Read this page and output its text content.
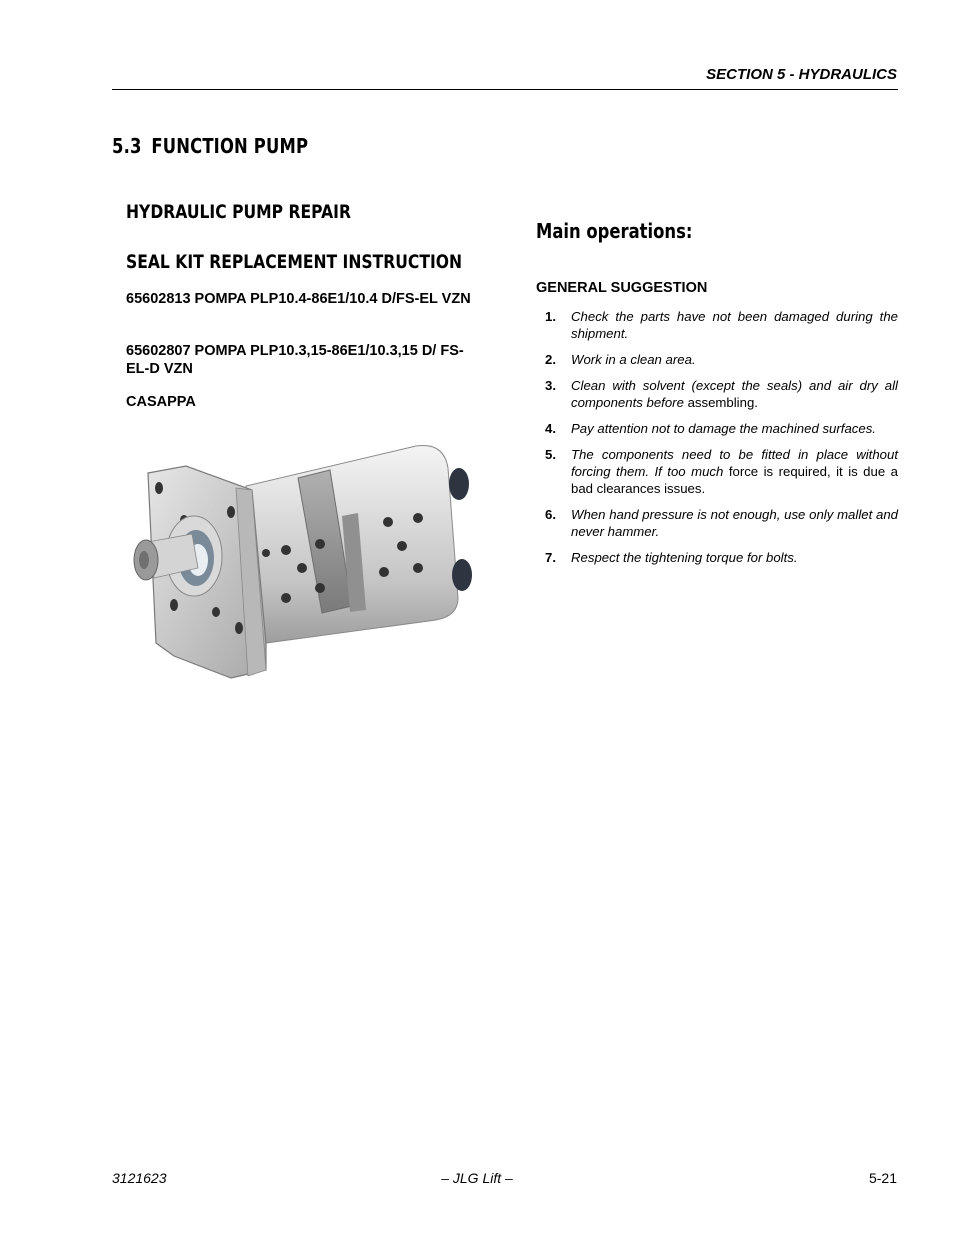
SECTION 5 - HYDRAULICS
5.3 FUNCTION PUMP
HYDRAULIC PUMP REPAIR
SEAL KIT REPLACEMENT INSTRUCTION
65602813 POMPA PLP10.4-86E1/10.4 D/FS-EL VZN
65602807 POMPA PLP10.3,15-86E1/10.3,15 D/ FS-EL-D VZN
CASAPPA
Main operations:
GENERAL SUGGESTION
1. Check the parts have not been damaged during the shipment.
2. Work in a clean area.
3. Clean with solvent (except the seals) and air dry all components before assembling.
4. Pay attention not to damage the machined surfaces.
5. The components need to be fitted in place without forcing them. If too much force is required, it is due a bad clearances issues.
6. When hand pressure is not enough, use only mallet and never hammer.
7. Respect the tightening torque for bolts.
3121623	– JLG Lift –	5-21
